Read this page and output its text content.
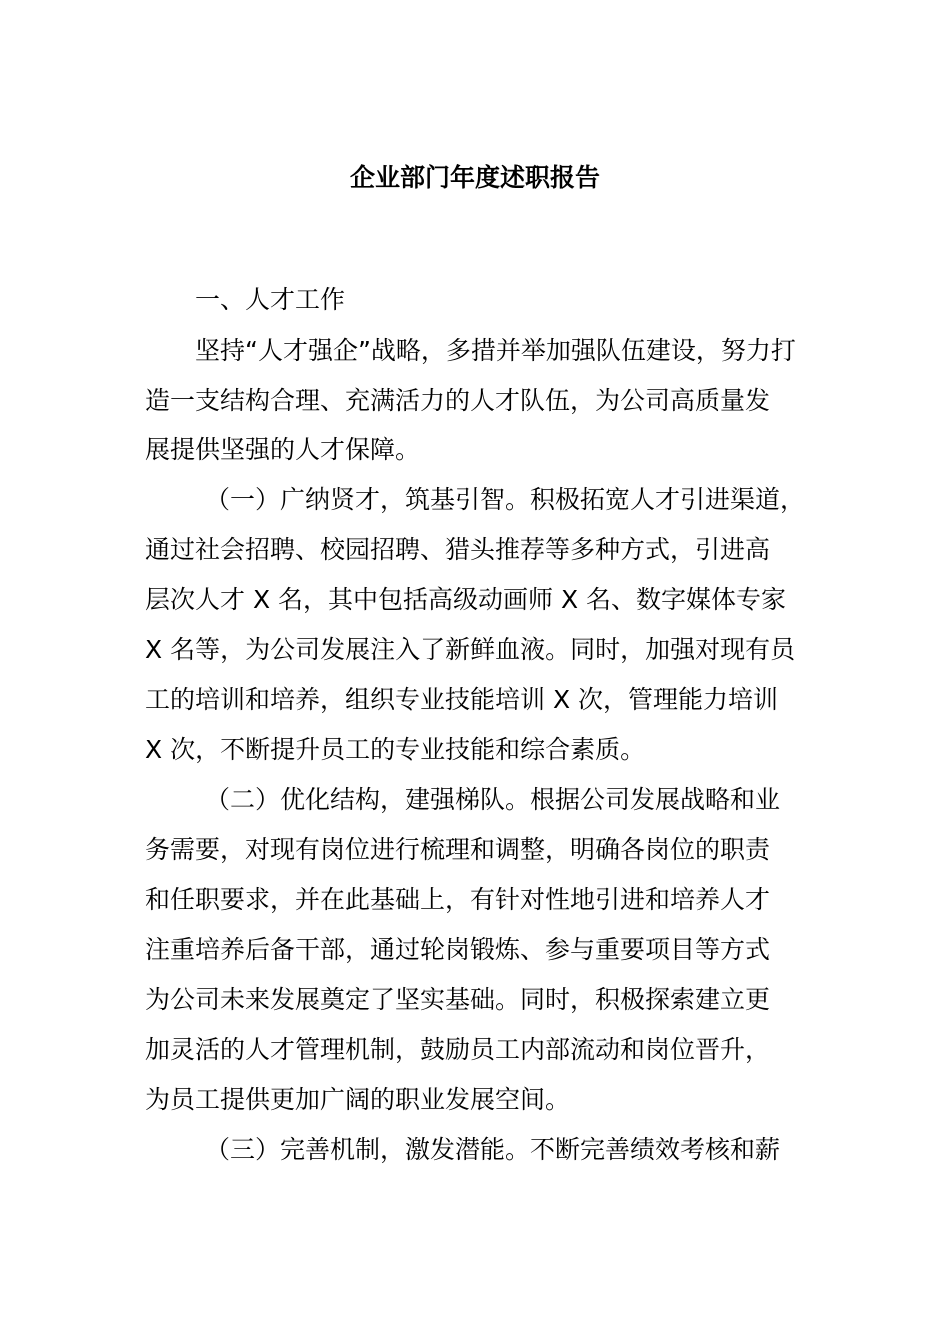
企业部门年度述职报告

一、人才工作

坚持“人才强企”战略，多措并举加强队伍建设，努力打

造一支结构合理、充满活力的人才队伍，为公司高质量发

展提供坚强的人才保障。

（一）广纳贤才，筑基引智。积极拓宽人才引进渠道，

通过社会招聘、校园招聘、猎头推荐等多种方式，引进高

层次人才 X 名，其中包括高级动画师 X 名、数字媒体专家

X 名等，为公司发展注入了新鲜血液。同时，加强对现有员

工的培训和培养，组织专业技能培训 X 次，管理能力培训

X 次，不断提升员工的专业技能和综合素质。

（二）优化结构，建强梯队。根据公司发展战略和业

务需要，对现有岗位进行梳理和调整，明确各岗位的职责

和任职要求，并在此基础上，有针对性地引进和培养人才

注重培养后备干部，通过轮岗锻炼、参与重要项目等方式

为公司未来发展奠定了坚实基础。同时，积极探索建立更

加灵活的人才管理机制，鼓励员工内部流动和岗位晋升，

为员工提供更加广阔的职业发展空间。

（三）完善机制，激发潜能。不断完善绩效考核和薪
